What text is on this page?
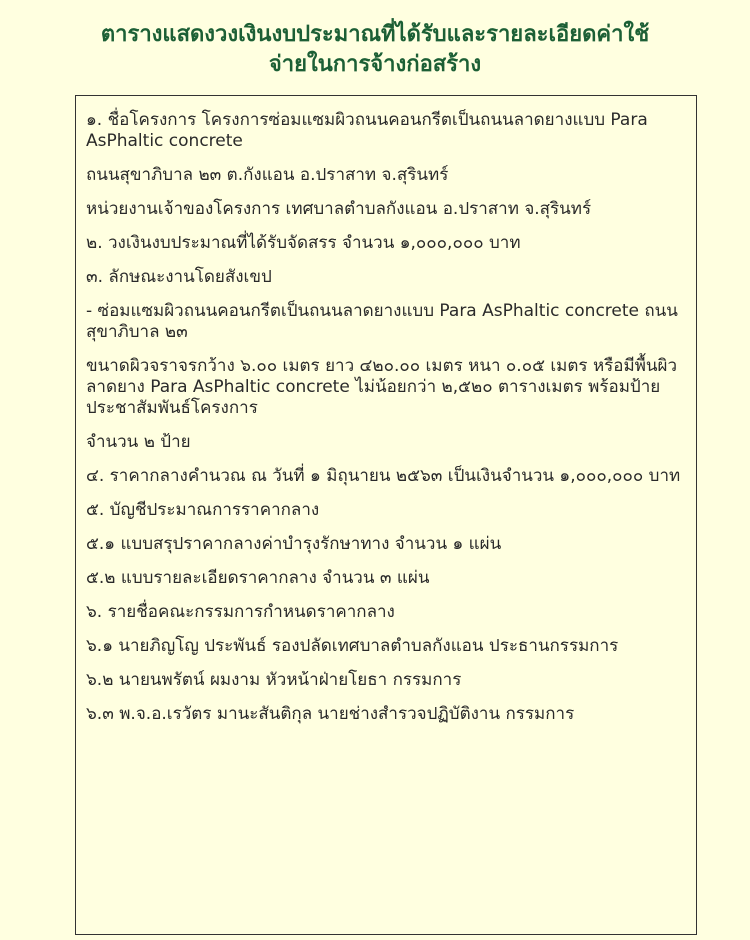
ตารางแสดงวงเงินงบประมาณที่ได้รับและรายละเอียดค่าใช้
จ่ายในการจ้างก่อสร้าง

๑. ชื่อโครงการ โครงการซ่อมแซมผิวถนนคอนกรีตเป็นถนนลาดยางแบบ Para AsPhaltic concrete

ถนนสุขาภิบาล ๒๓ ต.กังแอน อ.ปราสาท จ.สุรินทร์

หน่วยงานเจ้าของโครงการ เทศบาลตำบลกังแอน อ.ปราสาท จ.สุรินทร์

๒. วงเงินงบประมาณที่ได้รับจัดสรร จำนวน ๑,๐๐๐,๐๐๐ บาท

๓. ลักษณะงานโดยสังเขป

- ซ่อมแซมผิวถนนคอนกรีตเป็นถนนลาดยางแบบ Para AsPhaltic concrete ถนนสุขาภิบาล ๒๓

ขนาดผิวจราจรกว้าง ๖.๐๐ เมตร ยาว ๔๒๐.๐๐ เมตร หนา ๐.๐๕ เมตร หรือมีพื้นผิวลาดยาง Para AsPhaltic concrete ไม่น้อยกว่า ๒,๕๒๐ ตารางเมตร พร้อมป้ายประชาสัมพันธ์โครงการ

จำนวน ๒ ป้าย

๔. ราคากลางคำนวณ ณ วันที่ ๑ มิถุนายน ๒๕๖๓ เป็นเงินจำนวน ๑,๐๐๐,๐๐๐ บาท

๕. บัญชีประมาณการราคากลาง

๕.๑ แบบสรุปราคากลางค่าบำรุงรักษาทาง จำนวน ๑ แผ่น

๕.๒ แบบรายละเอียดราคากลาง จำนวน ๓ แผ่น

๖. รายชื่อคณะกรรมการกำหนดราคากลาง

๖.๑ นายภิญโญ ประพันธ์ รองปลัดเทศบาลตำบลกังแอน ประธานกรรมการ

๖.๒ นายนพรัตน์ ผมงาม หัวหน้าฝ่ายโยธา กรรมการ

๖.๓ พ.จ.อ.เรวัตร มานะสันติกุล นายช่างสำรวจปฏิบัติงาน กรรมการ
